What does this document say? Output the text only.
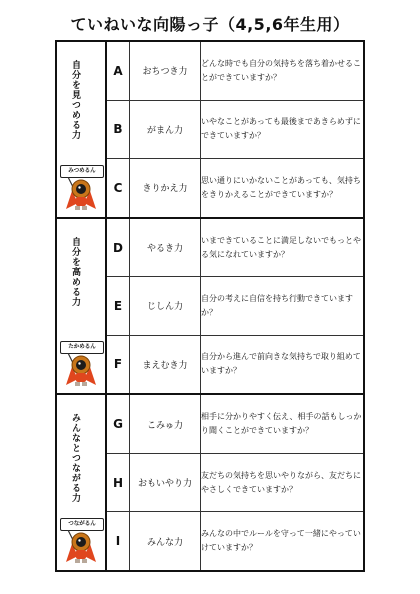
ていねいな向陽っ子（4,5,6年生用）
自分を見つめる力
みつめるん	A	おちつき力	どんな時でも自分の気持ちを落ち着かせることができていますか？
	B	がまん力	いやなことがあっても最後まであきらめずにできていますか？
	C	きりかえ力	思い通りにいかないことがあっても、気持ちをきりかえることができていますか？

自分を高める力
たかめるん	D	やるき力	いまできていることに満足しないでもっとやる気になれていますか？
	E	じしん力	自分の考えに自信を持ち行動できていますか？
	F	まえむき力	自分から進んで前向きな気持ちで取り組めていますか？

みんなとつながる力
つながるん	G	こみゅ力	相手に分かりやすく伝え、相手の話もしっかり聞くことができていますか？
	H	おもいやり力	友だちの気持ちを思いやりながら、友だちにやさしくできていますか？
	I	みんな力	みんなの中でルールを守って一緒にやっていけていますか？
